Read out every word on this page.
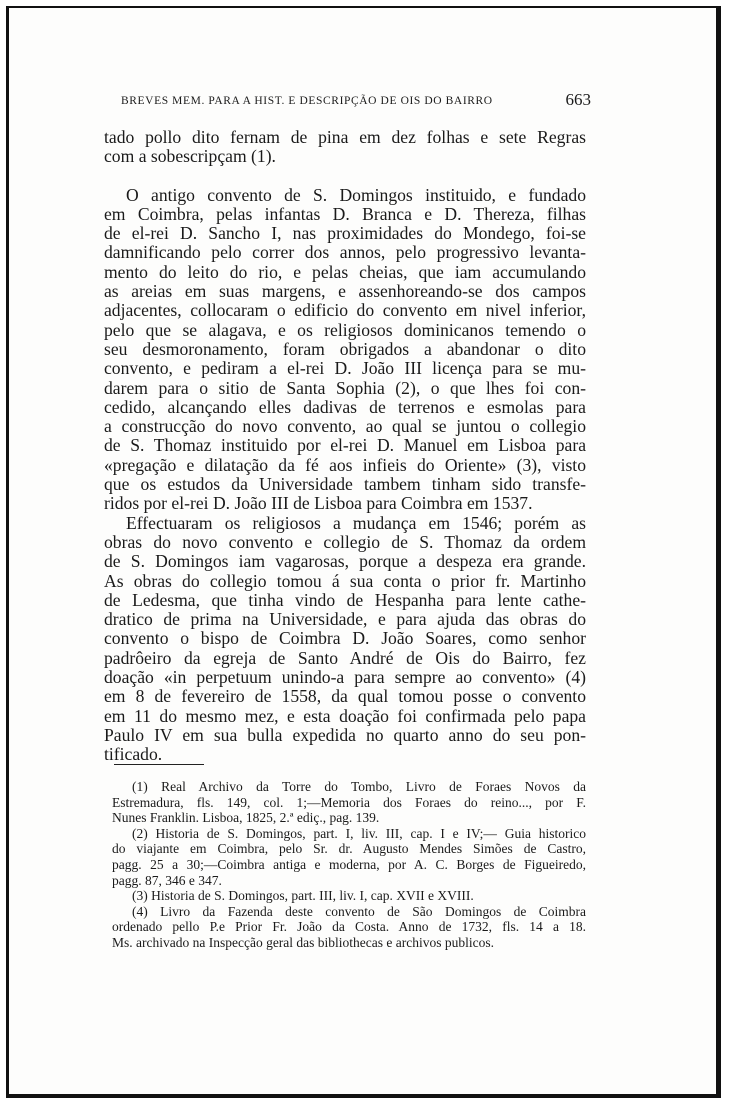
BREVES MEM. PARA A HIST. E DESCRIPÇÃO DE OIS DO BAIRRO	663

tado pollo dito fernam de pina em dez folhas e sete Regras
com a sobescripçam (1).

O antigo convento de S. Domingos instituido, e fundado
em Coimbra, pelas infantas D. Branca e D. Thereza, filhas
de el-rei D. Sancho I, nas proximidades do Mondego, foi-se
damnificando pelo correr dos annos, pelo progressivo levanta-
mento do leito do rio, e pelas cheias, que iam accumulando
as areias em suas margens, e assenhoreando-se dos campos
adjacentes, collocaram o edificio do convento em nivel inferior,
pelo que se alagava, e os religiosos dominicanos temendo o
seu desmoronamento, foram obrigados a abandonar o dito
convento, e pediram a el-rei D. João III licença para se mu-
darem para o sitio de Santa Sophia (2), o que lhes foi con-
cedido, alcançando elles dadivas de terrenos e esmolas para
a construcção do novo convento, ao qual se juntou o collegio
de S. Thomaz instituido por el-rei D. Manuel em Lisboa para
«pregação e dilatação da fé aos infieis do Oriente» (3), visto
que os estudos da Universidade tambem tinham sido transfe-
ridos por el-rei D. João III de Lisboa para Coimbra em 1537.

Effectuaram os religiosos a mudança em 1546; porém as
obras do novo convento e collegio de S. Thomaz da ordem
de S. Domingos iam vagarosas, porque a despeza era grande.
As obras do collegio tomou á sua conta o prior fr. Martinho
de Ledesma, que tinha vindo de Hespanha para lente cathe-
dratico de prima na Universidade, e para ajuda das obras do
convento o bispo de Coimbra D. João Soares, como senhor
padrôeiro da egreja de Santo André de Ois do Bairro, fez
doação «in perpetuum unindo-a para sempre ao convento» (4)
em 8 de fevereiro de 1558, da qual tomou posse o convento
em 11 do mesmo mez, e esta doação foi confirmada pelo papa
Paulo IV em sua bulla expedida no quarto anno do seu pon-
tificado.

(1) Real Archivo da Torre do Tombo, Livro de Foraes Novos da
Estremadura, fls. 149, col. 1;—Memoria dos Foraes do reino..., por F.
Nunes Franklin. Lisboa, 1825, 2.ª ediç., pag. 139.
(2) Historia de S. Domingos, part. I, liv. III, cap. I e IV;— Guia historico
do viajante em Coimbra, pelo Sr. dr. Augusto Mendes Simões de Castro,
pagg. 25 a 30;—Coimbra antiga e moderna, por A. C. Borges de Figueiredo,
pagg. 87, 346 e 347.
(3) Historia de S. Domingos, part. III, liv. I, cap. XVII e XVIII.
(4) Livro da Fazenda deste convento de São Domingos de Coimbra
ordenado pello P.e Prior Fr. João da Costa. Anno de 1732, fls. 14 a 18.
Ms. archivado na Inspecção geral das bibliothecas e archivos publicos.
